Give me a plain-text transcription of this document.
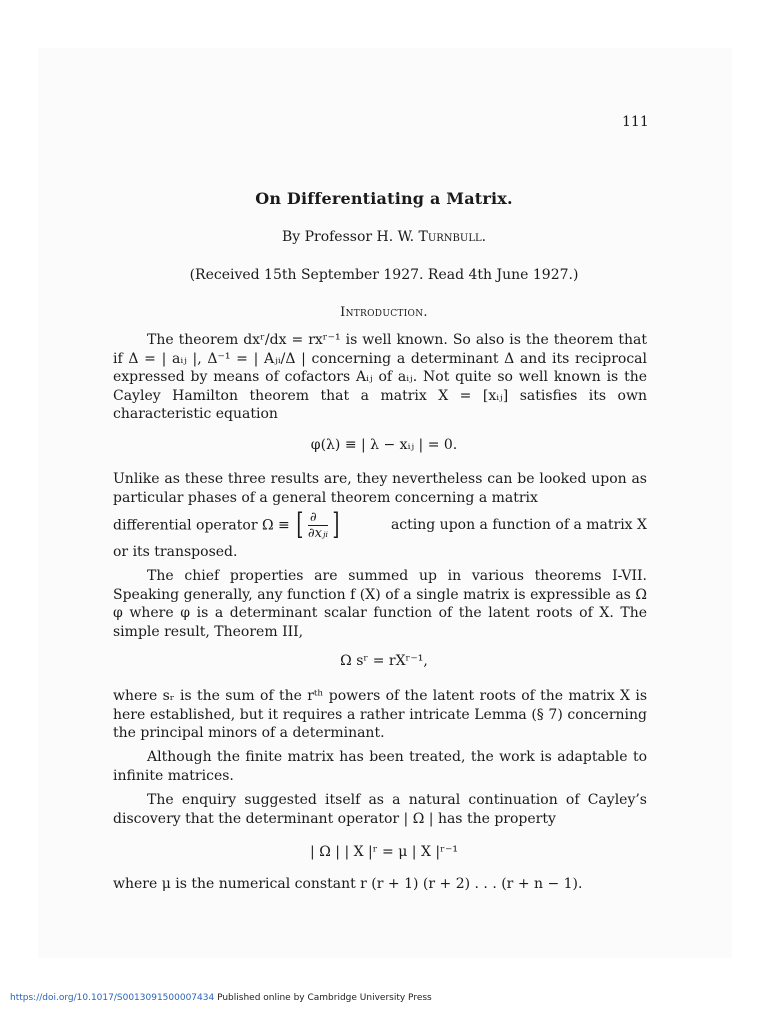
111
On Differentiating a Matrix.
By Professor H. W. Turnbull.
(Received 15th September 1927. Read 4th June 1927.)
Introduction.
The theorem dxʳ/dx = rxʳ⁻¹ is well known. So also is the theorem that if Δ = | aᵢⱼ |, Δ⁻¹ = | Aⱼᵢ/Δ | concerning a determinant Δ and its reciprocal expressed by means of cofactors Aᵢⱼ of aᵢⱼ. Not quite so well known is the Cayley Hamilton theorem that a matrix X = [xᵢⱼ] satisfies its own characteristic equation
φ(λ) ≡ | λ − xᵢⱼ | = 0.
Unlike as these three results are, they nevertheless can be looked upon as particular phases of a general theorem concerning a matrix
differential operator Ω ≡ [ $\frac{\partial}{\text{∂xⱼᵢ}}$ ]	acting upon a function of a matrix X
or its transposed.
The chief properties are summed up in various theorems I-VII. Speaking generally, any function f (X) of a single matrix is expressible as Ω φ where φ is a determinant scalar function of the latent roots of X. The simple result, Theorem III,
Ω sʳ = rXʳ⁻¹,
where sᵣ is the sum of the rᵗʰ powers of the latent roots of the matrix X is here established, but it requires a rather intricate Lemma (§ 7) concerning the principal minors of a determinant.
Although the finite matrix has been treated, the work is adaptable to infinite matrices.
The enquiry suggested itself as a natural continuation of Cayley’s discovery that the determinant operator | Ω | has the property
| Ω | | X |ʳ = μ | X |ʳ⁻¹
where μ is the numerical constant r (r + 1) (r + 2) . . . (r + n − 1).
https://doi.org/10.1017/S0013091500007434 Published online by Cambridge University Press
